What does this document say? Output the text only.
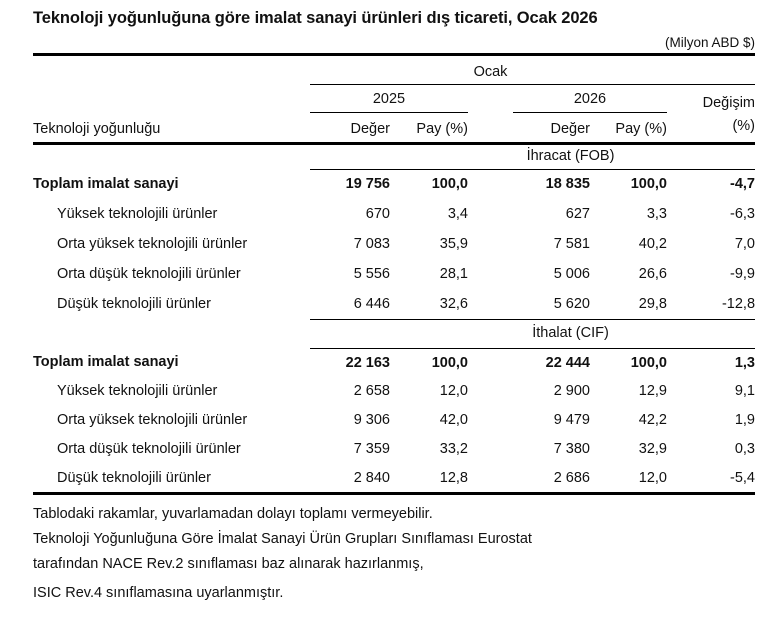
Teknoloji yoğunluğuna göre imalat sanayi ürünleri dış ticareti, Ocak 2026
(Milyon ABD $)
	Ocak				

	2025		2026		Değişim
(%)

Teknoloji yoğunluğu	Değer	Pay (%)	Değer	Pay (%)	
	İhracat (FOB)				
Toplam imalat sanayi	19 756	100,0	18 835	100,0	-4,7
Yüksek teknolojili ürünler	670	3,4	627	3,3	-6,3
Orta yüksek teknolojili ürünler	7 083	35,9	7 581	40,2	7,0
Orta düşük teknolojili ürünler	5 556	28,1	5 006	26,6	-9,9
Düşük teknolojili ürünler	6 446	32,6	5 620	29,8	-12,8
	İthalat (CIF)				
Toplam imalat sanayi	22 163	100,0	22 444	100,0	1,3
Yüksek teknolojili ürünler	2 658	12,0	2 900	12,9	9,1
Orta yüksek teknolojili ürünler	9 306	42,0	9 479	42,2	1,9
Orta düşük teknolojili ürünler	7 359	33,2	7 380	32,9	0,3
Düşük teknolojili ürünler	2 840	12,8	2 686	12,0	-5,4
Tablodaki rakamlar, yuvarlamadan dolayı toplamı vermeyebilir.
Teknoloji Yoğunluğuna Göre İmalat Sanayi Ürün Grupları Sınıflaması Eurostat
tarafından NACE Rev.2 sınıflaması baz alınarak hazırlanmış,
ISIC Rev.4 sınıflamasına uyarlanmıştır.
